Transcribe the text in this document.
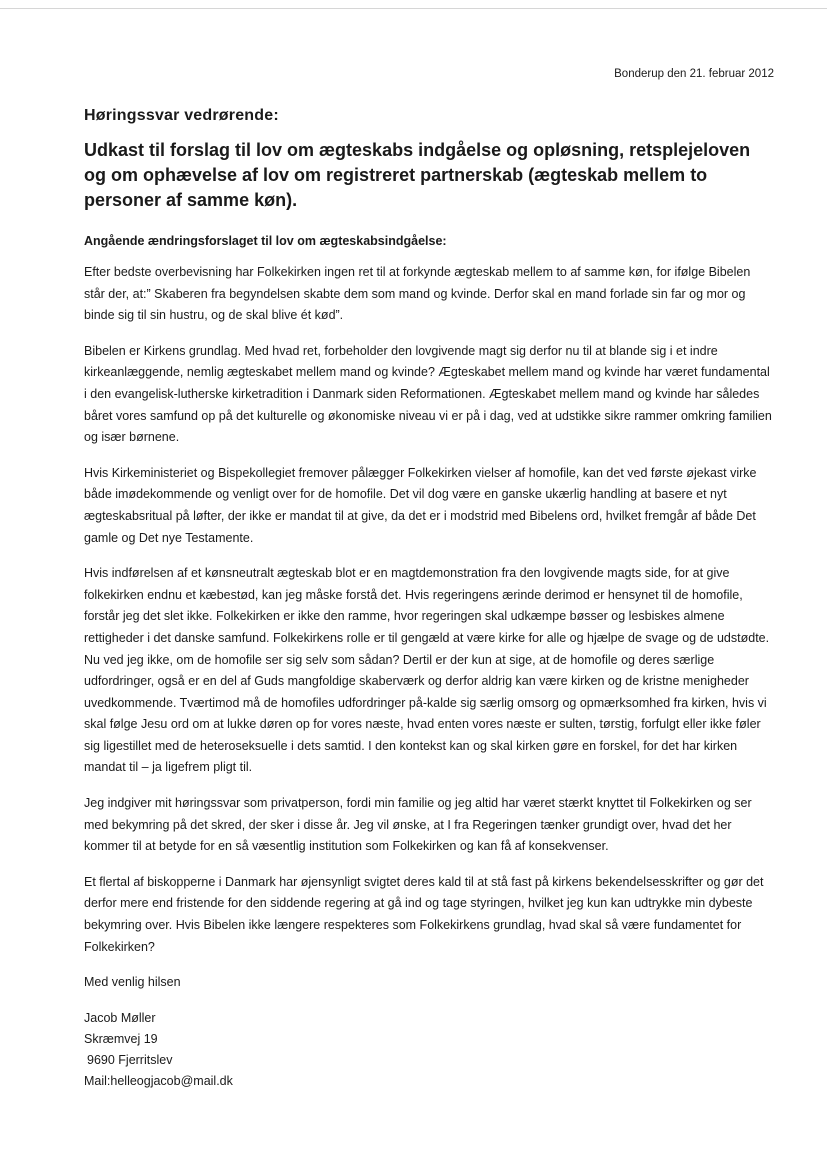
Bonderup den 21. februar 2012
Høringssvar vedrørende:
Udkast til forslag til lov om ægteskabs indgåelse og opløsning, retsplejeloven og om ophævelse af lov om registreret partnerskab (ægteskab mellem to personer af samme køn).
Angående ændringsforslaget til lov om ægteskabsindgåelse:

Efter bedste overbevisning har Folkekirken ingen ret til at forkynde ægteskab mellem to af samme køn, for ifølge Bibelen står der, at:” Skaberen fra begyndelsen skabte dem som mand og kvinde. Derfor skal en mand forlade sin far og mor og binde sig til sin hustru, og de skal blive ét kød”.

Bibelen er Kirkens grundlag. Med hvad ret, forbeholder den lovgivende magt sig derfor nu til at blande sig i et indre kirkeanlæggende, nemlig ægteskabet mellem mand og kvinde? Ægteskabet mellem mand og kvinde har været fundamental i den evangelisk-lutherske kirketradition i Danmark siden Reformationen. Ægteskabet mellem mand og kvinde har således båret vores samfund op på det kulturelle og økonomiske niveau vi er på i dag, ved at udstikke sikre rammer omkring familien og især børnene.

Hvis Kirkeministeriet og Bispekollegiet fremover pålægger Folkekirken vielser af homofile, kan det ved første øjekast virke både imødekommende og venligt over for de homofile. Det vil dog være en ganske ukærlig handling at basere et nyt ægteskabsritual på løfter, der ikke er mandat til at give, da det er i modstrid med Bibelens ord, hvilket fremgår af både Det gamle og Det nye Testamente.

Hvis indførelsen af et kønsneutralt ægteskab blot er en magtdemonstration fra den lovgivende magts side, for at give folkekirken endnu et kæbestød, kan jeg måske forstå det. Hvis regeringens ærinde derimod er hensynet til de homofile, forstår jeg det slet ikke. Folkekirken er ikke den ramme, hvor regeringen skal udkæmpe bøsser og lesbiskes almene rettigheder i det danske samfund. Folkekirkens rolle er til gengæld at være kirke for alle og hjælpe de svage og de udstødte. Nu ved jeg ikke, om de homofile ser sig selv som sådan? Dertil er der kun at sige, at de homofile og deres særlige udfordringer, også er en del af Guds mangfoldige skaberværk og derfor aldrig kan være kirken og de kristne menigheder uvedkommende. Tværtimod må de homofiles udfordringer på-kalde sig særlig omsorg og opmærksomhed fra kirken, hvis vi skal følge Jesu ord om at lukke døren op for vores næste, hvad enten vores næste er sulten, tørstig, forfulgt eller ikke føler sig ligestillet med de heteroseksuelle i dets samtid. I den kontekst kan og skal kirken gøre en forskel, for det har kirken mandat til – ja ligefrem pligt til.

Jeg indgiver mit høringssvar som privatperson, fordi min familie og jeg altid har været stærkt knyttet til Folkekirken og ser med bekymring på det skred, der sker i disse år. Jeg vil ønske, at I fra Regeringen tænker grundigt over, hvad det her kommer til at betyde for en så væsentlig institution som Folkekirken og kan få af konsekvenser.

Et flertal af biskopperne i Danmark har øjensynligt svigtet deres kald til at stå fast på kirkens bekendelsesskrifter og gør det derfor mere end fristende for den siddende regering at gå ind og tage styringen, hvilket jeg kun kan udtrykke min dybeste bekymring over. Hvis Bibelen ikke længere respekteres som Folkekirkens grundlag, hvad skal så være fundamentet for Folkekirken?

Med venlig hilsen
Jacob Møller
Skræmvej 19
9690 Fjerritslev
Mail:helleogjacob@mail.dk
